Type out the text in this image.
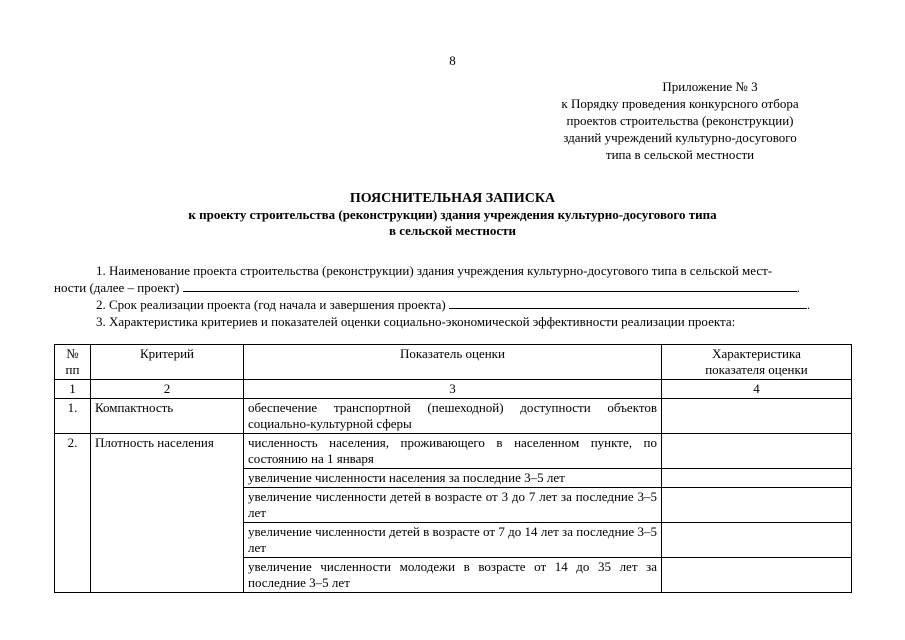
8
Приложение № 3
к Порядку проведения конкурсного отбора
проектов строительства (реконструкции)
зданий учреждений культурно-досугового
типа в сельской местности
ПОЯСНИТЕЛЬНАЯ ЗАПИСКА
к проекту строительства (реконструкции) здания учреждения культурно-досугового типа
в сельской местности

1. Наименование проекта строительства (реконструкции) здания учреждения культурно-досугового типа в сельской мест-

ности (далее – проект)	.

2. Срок реализации проекта (год начала и завершения проекта)	.

3. Характеристика критериев и показателей оценки социально-экономической эффективности реализации проекта:

№
пп	Критерий	Показатель оценки	Характеристика
показателя оценки
1	2	3	4
1.	Компактность	обеспечение транспортной (пешеходной) доступности объектов социально-культурной сферы	
2.	Плотность населения	численность населения, проживающего в населенном пункте, по состоянию на 1 января	
		увеличение численности населения за последние 3–5 лет	
		увеличение численности детей в возрасте от 3 до 7 лет за последние 3–5 лет	
		увеличение численности детей в возрасте от 7 до 14 лет за последние 3–5 лет	
		увеличение численности молодежи в возрасте от 14 до 35 лет за последние 3–5 лет	
